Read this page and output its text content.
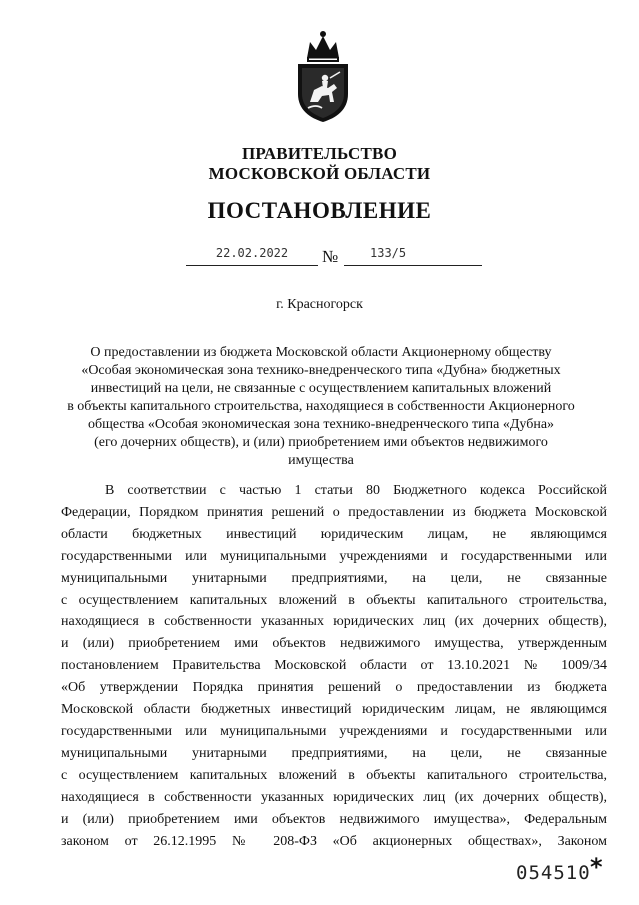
ПРАВИТЕЛЬСТВО
МОСКОВСКОЙ ОБЛАСТИ
ПОСТАНОВЛЕНИЕ
22.02.2022	№	133/5
г. Красногорск
О предоставлении из бюджета Московской области Акционерному обществу
«Особая экономическая зона технико-внедренческого типа «Дубна» бюджетных
инвестиций на цели, не связанные с осуществлением капитальных вложений
в объекты капитального строительства, находящиеся в собственности Акционерного
общества «Особая экономическая зона технико-внедренческого типа «Дубна»
(его дочерних обществ), и (или) приобретением ими объектов недвижимого
имущества
В соответствии с частью 1 статьи 80 Бюджетного кодекса Российской
Федерации, Порядком принятия решений о предоставлении из бюджета Московской
области бюджетных инвестиций юридическим лицам, не являющимся
государственными или муниципальными учреждениями и государственными или
муниципальными унитарными предприятиями, на цели, не связанные
с осуществлением капитальных вложений в объекты капитального строительства,
находящиеся в собственности указанных юридических лиц (их дочерних обществ),
и (или) приобретением ими объектов недвижимого имущества, утвержденным
постановлением Правительства Московской области от 13.10.2021 № 1009/34
«Об утверждении Порядка принятия решений о предоставлении из бюджета
Московской области бюджетных инвестиций юридическим лицам, не являющимся
государственными или муниципальными учреждениями и государственными или
муниципальными унитарными предприятиями, на цели, не связанные
с осуществлением капитальных вложений в объекты капитального строительства,
находящиеся в собственности указанных юридических лиц (их дочерних обществ),
и (или) приобретением ими объектов недвижимого имущества», Федеральным
законом от 26.12.1995 № 208-ФЗ «Об акционерных обществах», Законом
054510 *
